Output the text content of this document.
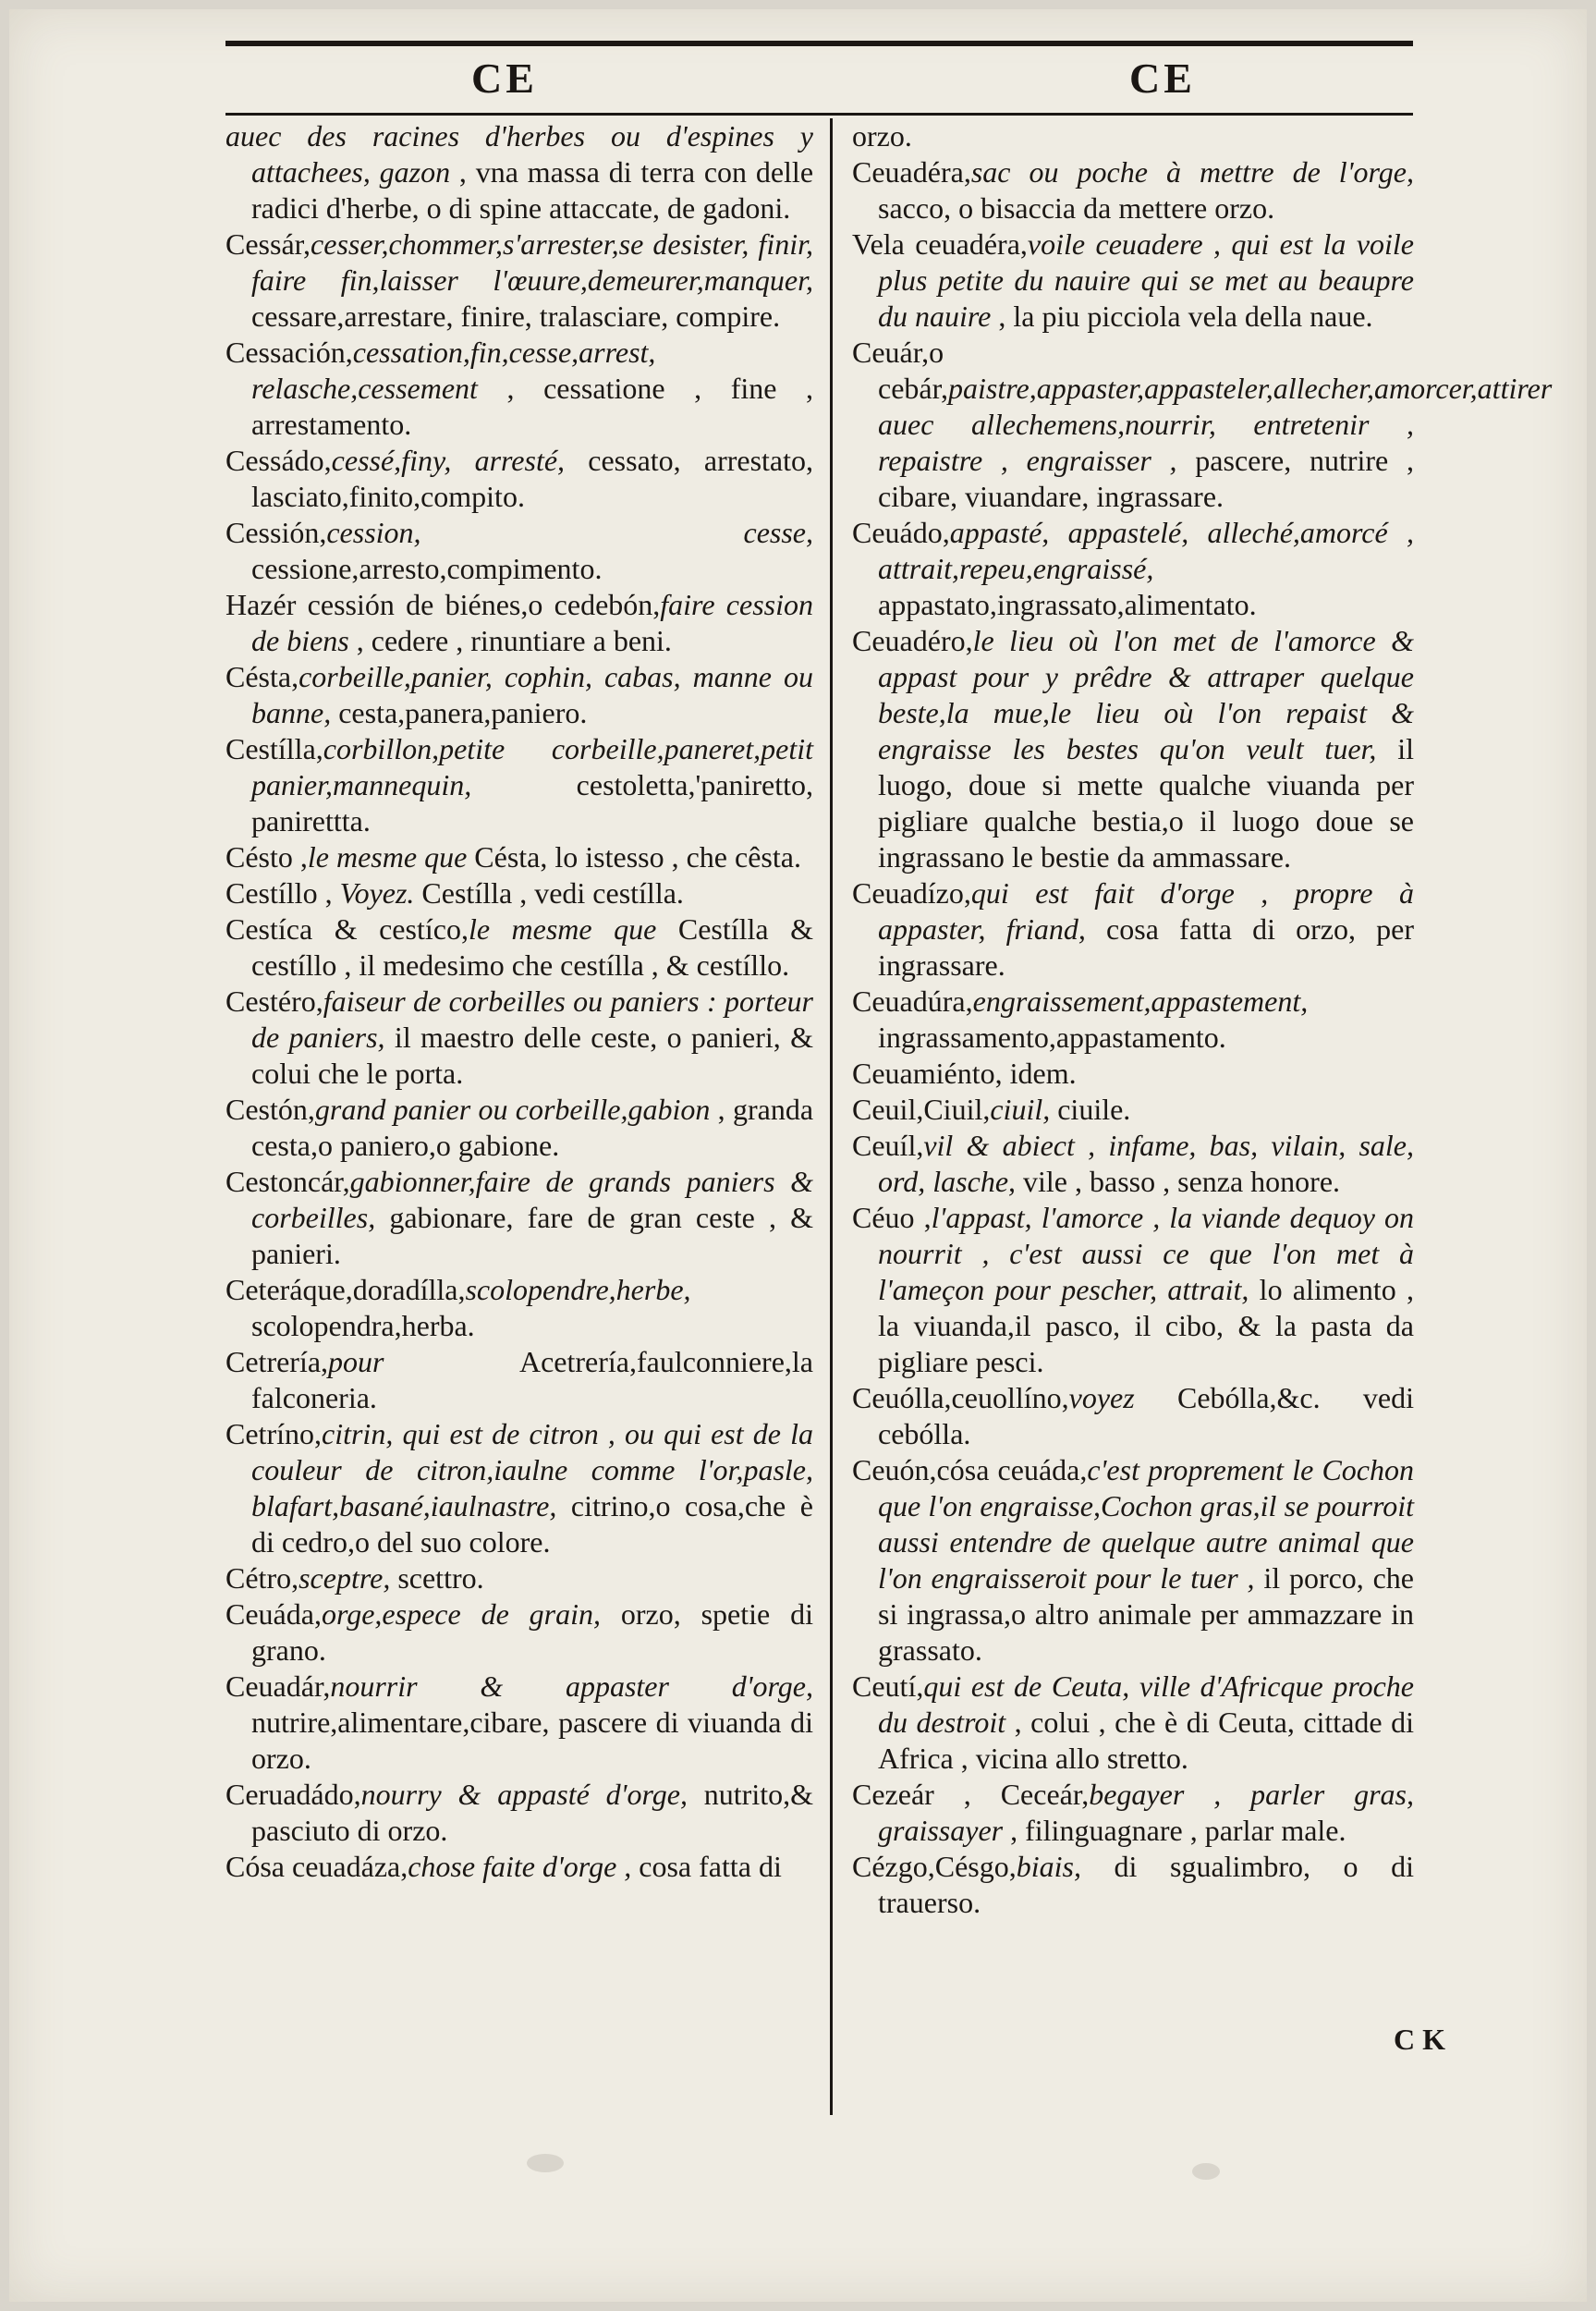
CE	CE

auec des racines d'herbes ou d'espines y attachees, gazon , vna massa di terra con delle radici d'herbe, o di spine attaccate, de gadoni.

Cessár,cesser,chommer,s'arrester,se desister, finir, faire fin,laisser l'œuure,demeurer,manquer, cessare,arrestare, finire, tralasciare, compire.

Cessación,cessation,fin,cesse,arrest, relasche,cessement , cessatione , fine , arrestamento.

Cessádo,cessé,finy, arresté, cessato, arrestato, lasciato,finito,compito.

Cessión,cession, cesse, cessione,arresto,compimento.

Hazér cessión de biénes,o cedebón,faire cession de biens , cedere , rinuntiare a beni.

Césta,corbeille,panier, cophin, cabas, manne ou banne, cesta,panera,paniero.

Cestílla,corbillon,petite corbeille,paneret,petit panier,mannequin,	cestoletta,'paniretto, panirettta.

Césto ,le mesme que Césta, lo istesso , che cêsta.

Cestíllo , Voyez. Cestílla , vedi cestílla.

Cestíca & cestíco,le mesme que Cestílla & cestíllo , il medesimo che cestílla , & cestíllo.

Cestéro,faiseur de corbeilles ou paniers : porteur de paniers, il maestro delle ceste, o panieri, & colui che le porta.

Cestón,grand panier ou corbeille,gabion , granda cesta,o paniero,o gabione.

Cestoncár,gabionner,faire de grands paniers & corbeilles, gabionare, fare de gran ceste , & panieri.

Ceteráque,doradílla,scolopendre,herbe, scolopendra,herba.

Cetrería,pour	Acetrería,faulconniere,la falconeria.

Cetríno,citrin, qui est de citron , ou qui est de la couleur de citron,iaulne comme l'or,pasle, blafart,basané,iaulnastre, citrino,o cosa,che è di cedro,o del suo colore.

Cétro,sceptre, scettro.

Ceuáda,orge,espece de grain, orzo, spetie di grano.

Ceuadár,nourrir & appaster d'orge, nutrire,alimentare,cibare, pascere di viuanda di orzo.

Ceruadádo,nourry & appasté d'orge, nutrito,& pasciuto di orzo.

Cósa ceuadáza,chose faite d'orge , cosa fatta di

orzo.

Ceuadéra,sac ou poche à mettre de l'orge, sacco, o bisaccia da mettere orzo.

Vela ceuadéra,voile ceuadere , qui est la voile plus petite du nauire qui se met au beaupre du nauire , la piu picciola vela della naue.

Ceuár,o cebár,paistre,appaster,appasteler,allecher,amorcer,attirer auec allechemens,nourrir, entretenir , repaistre , engraisser , pascere, nutrire , cibare, viuandare, ingrassare.

Ceuádo,appasté, appastelé, alleché,amorcé , attrait,repeu,engraissé, appastato,ingrassato,alimentato.

Ceuadéro,le lieu où l'on met de l'amorce & appast pour y prêdre & attraper quelque beste,la mue,le lieu où l'on repaist & engraisse les bestes qu'on veult tuer, il luogo, doue si mette qualche viuanda per pigliare qualche bestia,o il luogo doue se ingrassano le bestie da ammassare.

Ceuadízo,qui est fait d'orge , propre à appaster, friand, cosa fatta di orzo, per ingrassare.

Ceuadúra,engraissement,appastement, ingrassamento,appastamento.

Ceuamiénto, idem.

Ceuil,Ciuil,ciuil, ciuile.

Ceuíl,vil & abiect , infame, bas, vilain, sale, ord, lasche, vile , basso , senza honore.

Céuo ,l'appast, l'amorce , la viande dequoy on nourrit , c'est aussi ce que l'on met à l'ameçon pour pescher, attrait, lo alimento , la viuanda,il pasco, il cibo, & la pasta da pigliare pesci.

Ceuólla,ceuollíno,voyez Cebólla,&c. vedi cebólla.

Ceuón,cósa ceuáda,c'est proprement le Cochon que l'on engraisse,Cochon gras,il se pourroit aussi entendre de quelque autre animal que l'on engraisseroit pour le tuer , il porco, che si ingrassa,o altro animale per ammazzare in grassato.

Ceutí,qui est de Ceuta, ville d'Africque proche du destroit , colui , che è di Ceuta, cittade di Africa , vicina allo stretto.

Cezeár , Ceceár,begayer , parler gras, graissayer , filinguagnare , parlar male.

Cézgo,Césgo,biais, di sgualimbro, o di trauerso.

C K
